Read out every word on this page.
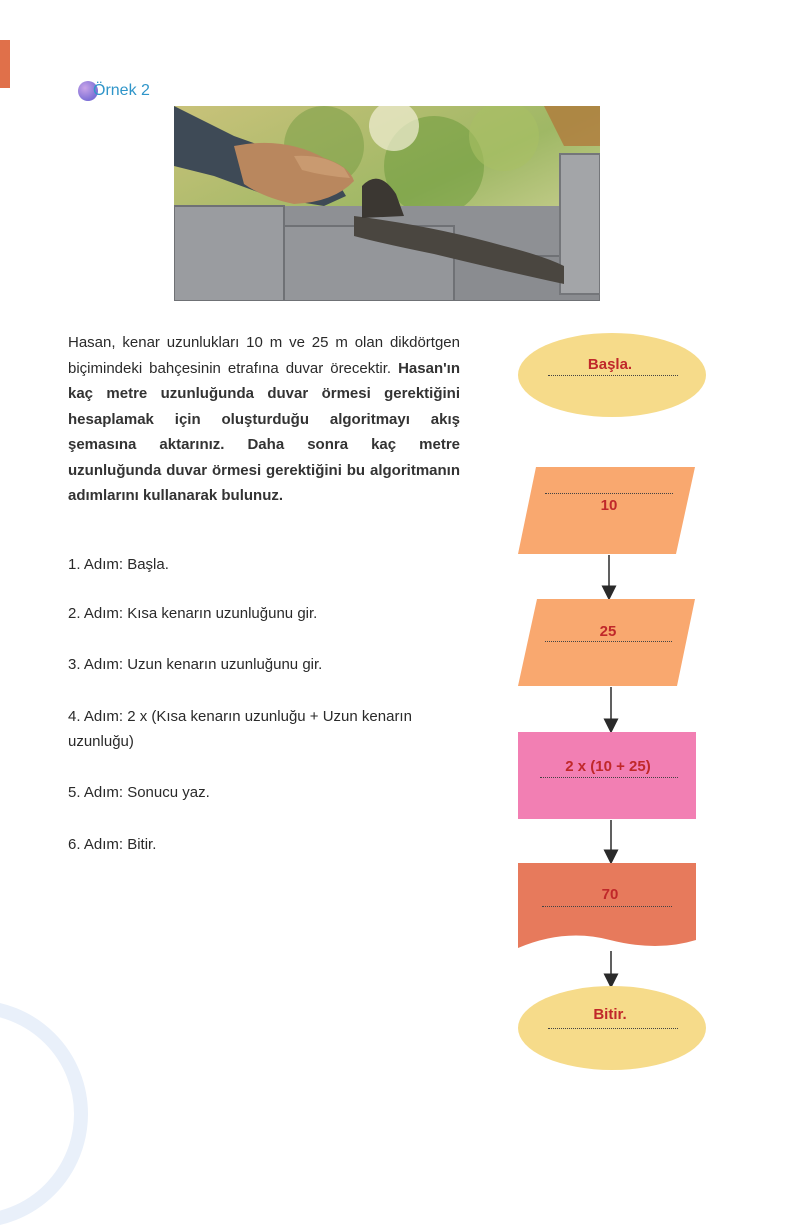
Örnek 2
Hasan, kenar uzunlukları 10 m ve 25 m olan dikdörtgen biçimindeki bahçesinin etrafına duvar örecektir. Hasan'ın kaç metre uzunluğunda duvar örmesi gerektiğini hesaplamak için oluşturduğu algoritmayı akış şemasına aktarınız. Daha sonra kaç metre uzunluğunda duvar örmesi gerektiğini bu algoritmanın adımlarını kullanarak bulunuz.
1. Adım: Başla.
2. Adım: Kısa kenarın uzunluğunu gir.
3. Adım: Uzun kenarın uzunluğunu gir.
4. Adım: 2 x (Kısa kenarın uzunluğu + Uzun kenarın uzunluğu)
5. Adım: Sonucu yaz.
6. Adım: Bitir.
Başla.
10
25
2 x (10 + 25)
70
Bitir.
